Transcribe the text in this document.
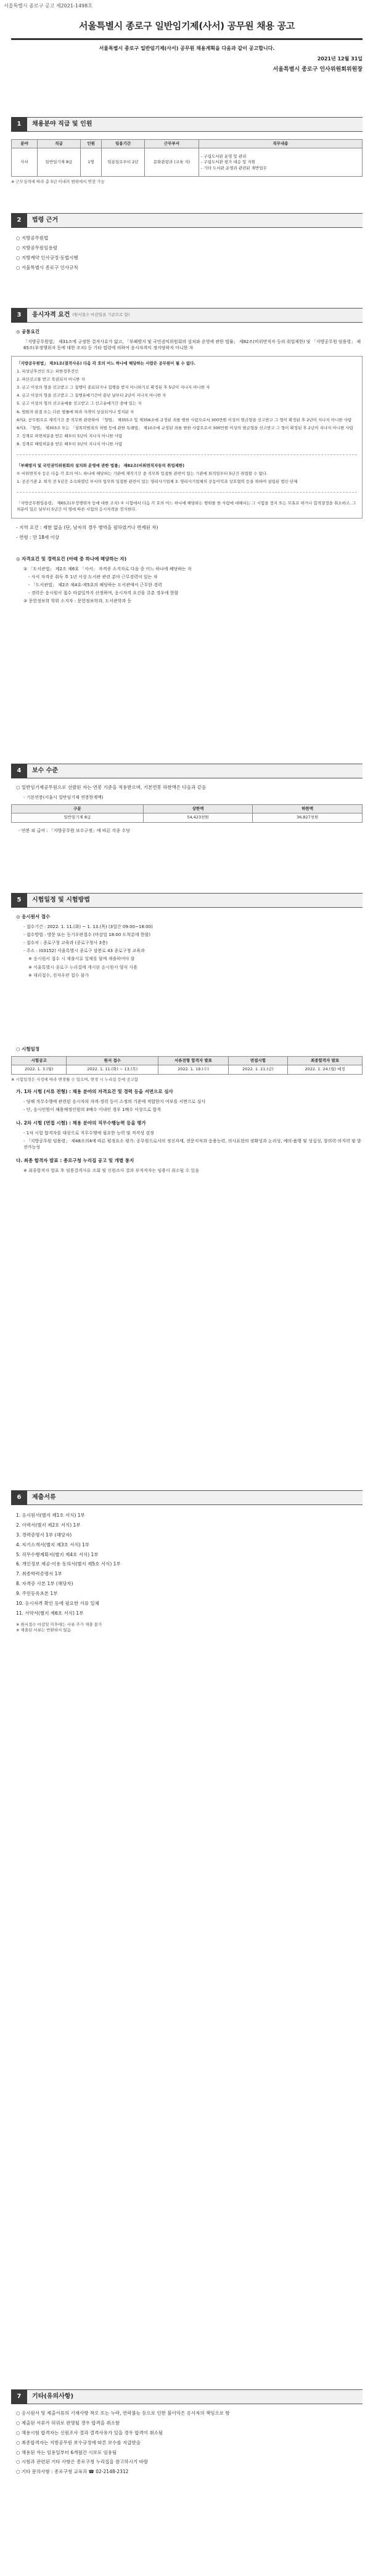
서울특별시 종로구 공고 제2021-1498호
서울특별시 종로구 일반임기제(사서) 공무원 채용 공고
서울특별시 종로구 일반임기제(사서) 공무원 채용계획을 다음과 같이 공고합니다.
2021년 12월 31일
서울특별시 종로구 인사위원회위원장
1	채용분야 직급 및 인원
분야	직급	인원	임용기간	근무부서	직무내용
사서	일반임기제 8급	1명	임용일로부터 2년	문화관광과 (교육 지)	- 구립도서관 운영 및 관리
- 구립도서관 평가 대응 및 지원
- 기타 도서관 운영과 관련된 제반업무
※ 근무실적에 따라 총 5년 이내의 범위에서 연장 가능
2	법령 근거
○ 지방공무원법
○ 지방공무원임용령
○ 지방계약 인사규정·동법시행
○ 서울특별시 종로구 인사규칙
3	응시자격 요건 (원서접수 마감일을 기준으로 함)
◎ 공통요건
「지방공무원법」 제31조에 규정한 결격사유가 없고, 「부패방지 및 국민권익위원회의 설치와 운영에 관한 법률」 제82조(비위면직자 등의 취업제한) 및 「지방공무원 임용령」 제65조(부정행위자 등에 대한 조치) 등 기타 법령에 의하여 응시자격이 정지당하지 아니한 자

「지방공무원법」 제31조(결격사유) 다음 각 호의 어느 하나에 해당하는 사람은 공무원이 될 수 없다.

1. 피성년후견인 또는 피한정후견인

2. 파산선고를 받고 복권되지 아니한 자

3. 금고 이상의 형을 선고받고 그 집행이 종료되거나 집행을 받지 아니하기로 확정된 후 5년이 지나지 아니한 자

4. 금고 이상의 형을 선고받고 그 집행유예기간이 끝난 날부터 2년이 지나지 아니한 자

5. 금고 이상의 형의 선고유예를 선고받고 그 선고유예기간 중에 있는 자

6. 법원의 판결 또는 다른 법률에 따라 자격이 상실되거나 정지된 자

6의2. 공무원으로 재직기간 중 직무와 관련하여 「형법」 제355조 및 제356조에 규정된 죄를 범한 사람으로서 300만원 이상의 벌금형을 선고받고 그 형이 확정된 후 2년이 지나지 아니한 사람

6의3. 「형법」 제303조 또는 「성폭력범죄의 처벌 등에 관한 특례법」 제10조에 규정된 죄를 범한 사람으로서 300만원 이상의 벌금형을 선고받고 그 형이 확정된 후 2년이 지나지 아니한 사람

7. 징계로 파면처분을 받은 때부터 5년이 지나지 아니한 사람

8. 징계로 해임처분을 받은 때부터 3년이 지나지 아니한 사람

「부패방지 및 국민권익위원회의 설치와 운영에 관한 법률」 제82조(비위면직자등의 취업제한)

① 비위면직자 등은 다음 각 호의 어느 하나에 해당하는 기관에 재직기간 중 직무와 밀접한 관련이 있는 기관에 퇴직일부터 5년간 취업할 수 없다.

1. 공공기관 2. 퇴직 전 5년간 소속하였던 부서의 업무와 밀접한 관련이 있는 영리사기업체 3. 영리사기업체의 공동이익과 상호협력 등을 위하여 설립된 법인·단체

「지방공무원임용령」 제65조(부정행위자 등에 대한 조치) ① 시험에서 다음 각 호의 어느 하나에 해당하는 행위를 한 사람에 대해서는 그 시험을 정지 또는 무효로 하거나 합격결정을 취소하고, 그 처분이 있은 날부터 5년간 이 영에 따른 시험의 응시자격을 정지한다.

- 지역 요건 : 제한 없음 (단, 남자의 경우 병역을 필하였거나 면제된 자)
- 연령 : 만 18세 이상
◎ 자격요건 및 경력요건 (아래 중 하나에 해당하는 자)
① 「도서관법」 제2조 제6호 「사서」 자격증 소지자로 다음 중 어느 하나에 해당하는 자
- 사서 자격증 취득 후 1년 이상 도서관 관련 분야 근무경력이 있는 자
- 「도서관법」 제2조 제4호·제5호의 해당하는 도서관에서 근무한 경력
- 경력은 응시원서 접수 마감일까지 산정하며, 응시자격 요건을 갖춘 경우에 한함
② 문헌정보학 학위 소지자 : 문헌정보학과, 도서관학과 등
4	보수 수준
○ 일반임기제공무원으로 선발된 자는 연봉 기준을 적용받으며, 기본연봉 하한액은 다음과 같음
- 기본연봉(서울시 일반임기제 연봉한계액)
구분	상한액	하한액
일반임기제 8급	54,423천원	36,827천원
- 연봉 외 급여 : 「지방공무원 보수규정」에 따른 각종 수당
5	시험일정 및 시험방법
◎ 응시원서 접수
- 접수기간 : 2022. 1. 11.(화) ~ 1. 13.(목) (3일간 09:00~18:00)
- 접수방법 : 방문 또는 등기우편접수 (마감일 18:00 도착분에 한함)
- 접수처 : 종로구청 교육과 (종로구청사 3층)
- 주소 : (03152) 서울특별시 종로구 삼봉로 43 종로구청 교육과
※ 응시원서 접수 시 제출서류 일체를 함께 제출하여야 함
※ 서울특별시 종로구 누리집에 게시된 응시원서 양식 사용
※ 대리접수, 전자우편 접수 불가
○ 시험일정
시험공고	원서 접수	서류전형 합격자 발표	면접시험	최종합격자 발표
2022. 1. 3.(월)	2022. 1. 11.(화) ~ 13.(목)	2022. 1. 19.(수)	2022. 1. 21.(금)	2022. 1. 24.(월) 예정
※ 시험일정은 사정에 따라 변경될 수 있으며, 변경 시 누리집 등에 공고함
가. 1차 시험 (서류 전형) : 채용 분야의 자격요건 및 경력 등을 서면으로 심사
- 당해 직무수행에 관련된 응시자의 자격·경력 등이 소정의 기준에 적합한지 여부를 서면으로 심사
- 단, 응시인원이 채용예정인원의 3배수 이내인 경우 1배수 이상으로 합격
나. 2차 시험 (면접 시험) : 채용 분야의 직무수행능력 등을 평가
- 1차 시험 합격자를 대상으로 직무수행에 필요한 능력 및 적격성 검정
- 「지방공무원 임용령」 제48조의4에 따른 평정요소 평가: 공무원으로서의 정신자세, 전문지식과 응용능력, 의사표현의 정확성과 논리성, 예의·품행 및 성실성, 창의력·의지력 및 발전가능성
다. 최종 합격자 발표 : 종로구청 누리집 공고 및 개별 통지
※ 최종합격자 발표 후 임용결격사유 조회 및 신원조사 결과 부적격자는 임용이 취소될 수 있음
6	제출서류
1. 응시원서(별지 제1호 서식) 1부
2. 이력서(별지 제2호 서식) 1부
3. 경력증명서 1부 (해당자)
4. 자기소개서(별지 제3호 서식) 1부
5. 직무수행계획서(별지 제4호 서식) 1부
6. 개인정보 제공·이용 동의서(별지 제5호 서식) 1부
7. 최종학력증명서 1부
8. 자격증 사본 1부 (해당자)
9. 주민등록초본 1부
10. 응시자격 확인 등에 필요한 서류 일체
11. 서약서(별지 제6호 서식) 1부
※ 원서접수 마감일 이후에는 서류 추가 제출 불가
※ 제출된 서류는 반환하지 않음
7	기타(유의사항)
○ 응시원서 및 제출서류의 기재사항 착오 또는 누락, 연락불능 등으로 인한 불이익은 응시자의 책임으로 함
○ 제출된 서류가 허위로 판명될 경우 합격을 취소함
○ 채용시험 합격자는 신원조사 결과 결격사유가 있을 경우 합격이 취소됨
○ 최종합격자는 지방공무원 보수규정에 따른 보수를 지급받음
○ 채용된 자는 임용일부터 6개월간 시보로 임용됨
○ 시험과 관련된 기타 사항은 종로구청 누리집을 참고하시기 바람
○ 기타 문의사항 : 종로구청 교육과 ☎ 02-2148-2312
